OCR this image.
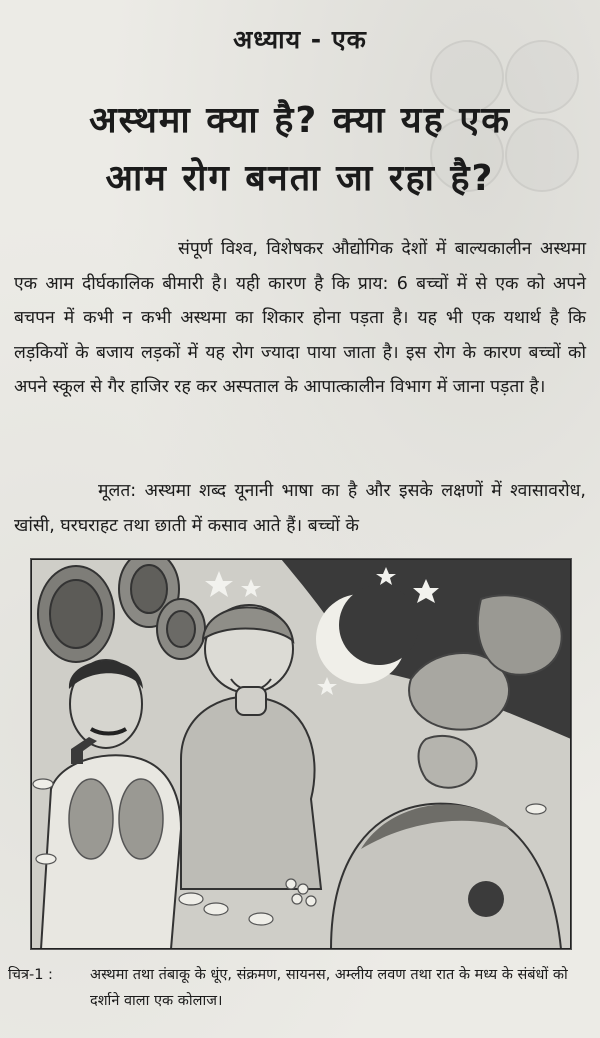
अध्याय - एक
अस्थमा क्या है? क्या यह एक
आम रोग बनता जा रहा है?
संपूर्ण विश्व, विशेषकर औद्योगिक देशों में बाल्यकालीन अस्थमा एक आम दीर्घकालिक बीमारी है। यही कारण है कि प्राय: 6 बच्चों में से एक को अपने बचपन में कभी न कभी अस्थमा का शिकार होना पड़ता है। यह भी एक यथार्थ है कि लड़कियों के बजाय लड़कों में यह रोग ज्यादा पाया जाता है। इस रोग के कारण बच्चों को अपने स्कूल से गैर हाजिर रह कर अस्पताल के आपात्कालीन विभाग में जाना पड़ता है।
मूलत: अस्थमा शब्द यूनानी भाषा का है और इसके लक्षणों में श्वासावरोध, खांसी, घरघराहट तथा छाती में कसाव आते हैं। बच्चों के
चित्र-1 :	अस्थमा तथा तंबाकू के धूंए, संक्रमण, सायनस, अम्लीय लवण तथा रात के मध्य के संबंधों को दर्शाने वाला एक कोलाज।
